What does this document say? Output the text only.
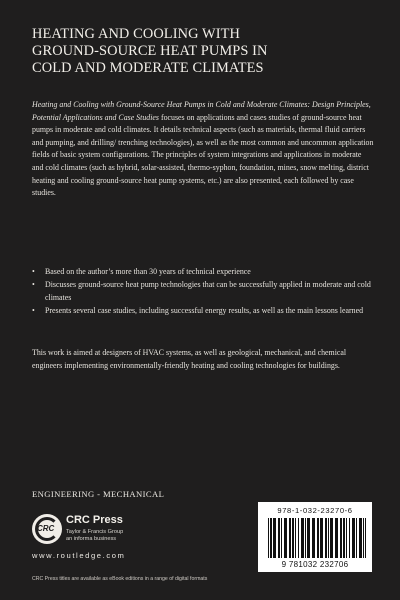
HEATING AND COOLING WITH
GROUND-SOURCE HEAT PUMPS IN
COLD AND MODERATE CLIMATES

Heating and Cooling with Ground-Source Heat Pumps in Cold and Moderate Climates: Design Principles, Potential Applications and Case Studies focuses on applications and cases studies of ground-source heat pumps in moderate and cold climates. It details technical aspects (such as materials, thermal fluid carriers and pumping, and drilling/ trenching technologies), as well as the most common and uncommon application fields of basic system configurations. The principles of system integrations and applications in moderate and cold climates (such as hybrid, solar-assisted, thermo-syphon, foundation, mines, snow melting, district heating and cooling ground-source heat pump systems, etc.) are also presented, each followed by case studies.

• Based on the author’s more than 30 years of technical experience
• Discusses ground-source heat pump technologies that can be successfully applied in moderate and cold climates
• Presents several case studies, including successful energy results, as well as the main lessons learned

This work is aimed at designers of HVAC systems, as well as geological, mechanical, and chemical engineers implementing environmentally-friendly heating and cooling technologies for buildings.

ENGINEERING - MECHANICAL
CRC
CRC Press
Taylor & Francis Group
an informa business
www.routledge.com
CRC Press titles are available as eBook editions in a range of digital formats
978-1-032-23270-6
9 781032 232706
